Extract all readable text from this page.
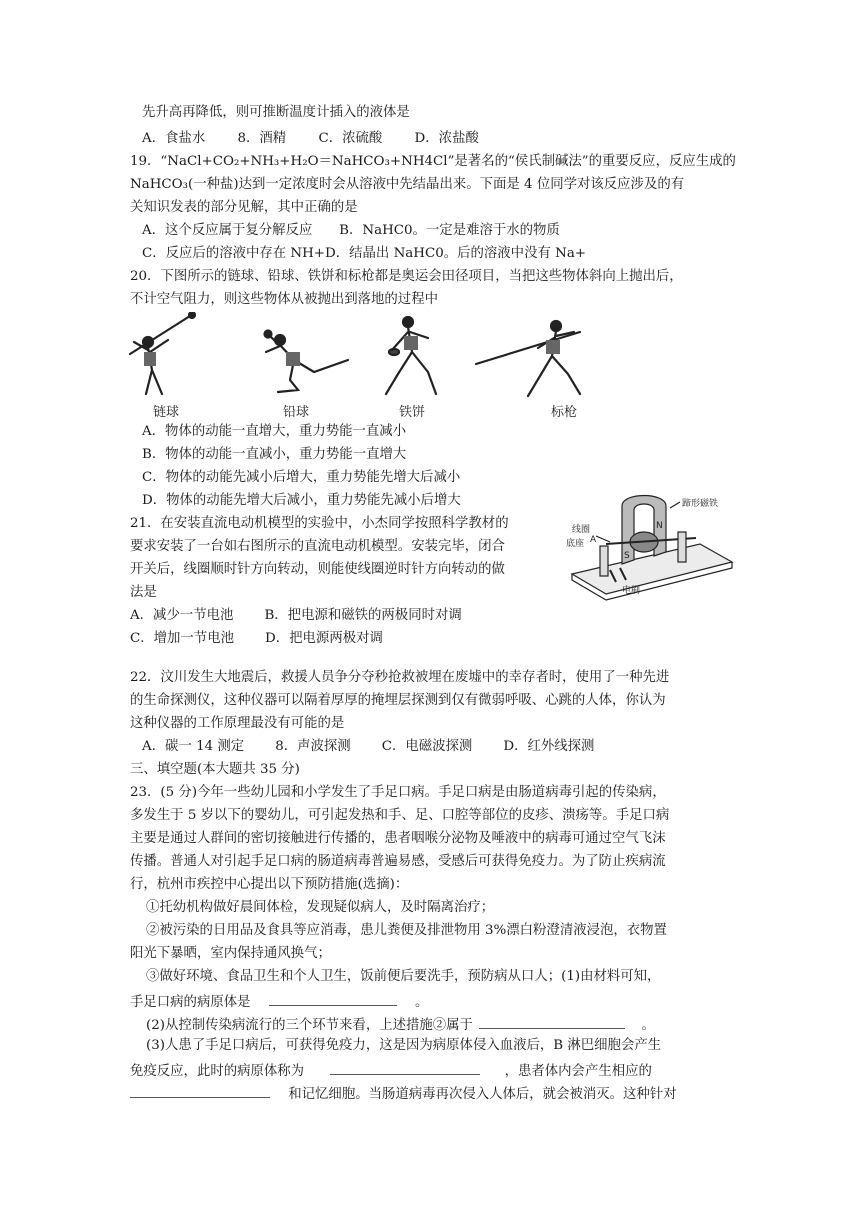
先升高再降低，则可推断温度计插入的液体是
A．食盐水 8．酒精 C．浓硫酸 D．浓盐酸
19．“NaCl+CO₂+NH₃+H₂O＝NaHCO₃+NH4Cl”是著名的“侯氏制碱法”的重要反应，反应生成的
NaHCO₃(一种盐)达到一定浓度时会从溶液中先结晶出来。下面是 4 位同学对该反应涉及的有
关知识发表的部分见解，其中正确的是
A．这个反应属于复分解反应　　B．NaHC0。一定是难溶于水的物质
C．反应后的溶液中存在 NH+D．结晶出 NaHC0。后的溶液中没有 Na+
20．下图所示的链球、铅球、铁饼和标枪都是奥运会田径项目，当把这些物体斜向上抛出后，
不计空气阻力，则这些物体从被抛出到落地的过程中
链球	铅球	铁饼	标枪
A．物体的动能一直增大，重力势能一直减小
B．物体的动能一直减小，重力势能一直增大
C．物体的动能先减小后增大，重力势能先增大后减小
D．物体的动能先增大后减小，重力势能先减小后增大
21．在安装直流电动机模型的实验中，小杰同学按照科学教材的
要求安装了一台如右图所示的直流电动机模型。安装完毕，闭合
开关后，线圈顺时针方向转动，则能使线圈逆时针方向转动的做
法是
A．减少一节电池　　 B．把电源和磁铁的两极同时对调
C．增加一节电池　　 D．把电源两极对调
蹄形磁铁
线圈
A
底座
电刷
N
S
22．汶川发生大地震后，救援人员争分夺秒抢救被埋在废墟中的幸存者时，使用了一种先进
的生命探测仪，这种仪器可以隔着厚厚的掩埋层探测到仅有微弱呼吸、心跳的人体，你认为
这种仪器的工作原理最没有可能的是
A．碳一 14 测定　　 8．声波探测　　 C．电磁波探测　　 D．红外线探测
三、填空题(本大题共 35 分)
23．(5 分)今年一些幼儿园和小学发生了手足口病。手足口病是由肠道病毒引起的传染病，
多发生于 5 岁以下的婴幼儿，可引起发热和手、足、口腔等部位的皮疹、溃疡等。手足口病
主要是通过人群间的密切接触进行传播的，患者咽喉分泌物及唾液中的病毒可通过空气飞沫
传播。普通人对引起手足口病的肠道病毒普遍易感，受感后可获得免疫力。为了防止疾病流
行，杭州市疾控中心提出以下预防措施(选摘)：
①托幼机构做好晨间体检，发现疑似病人，及时隔离治疗；
②被污染的日用品及食具等应消毒，患儿粪便及排泄物用 3%漂白粉澄清液浸泡，衣物置
阳光下暴晒，室内保持通风换气；
③做好环境、食品卫生和个人卫生，饭前便后要洗手，预防病从口人；(1)由材料可知，
手足口病的病原体是	。
(2)从控制传染病流行的三个环节来看，上述措施②属于	。
(3)人患了手足口病后，可获得免疫力，这是因为病原体侵入血液后，B 淋巴细胞会产生
免疫反应，此时的病原体称为	，患者体内会产生相应的
和记忆细胞。当肠道病毒再次侵入人体后，就会被消灭。这种针对
